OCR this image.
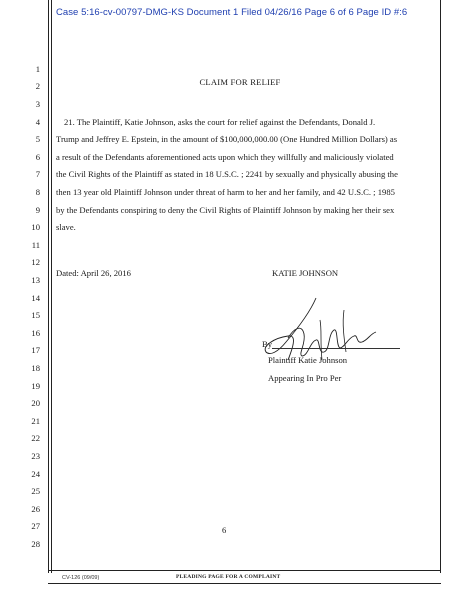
Case 5:16-cv-00797-DMG-KS Document 1 Filed 04/26/16 Page 6 of 6 Page ID #:6
1
2
3
4
5
6
7
8
9
10
11
12
13
14
15
16
17
18
19
20
21
22
23
24
25
26
27
28
CLAIM FOR RELIEF
21. The Plaintiff, Katie Johnson, asks the court for relief against the Defendants, Donald J.
Trump and Jeffrey E. Epstein, in the amount of $100,000,000.00 (One Hundred Million Dollars) as
a result of the Defendants aforementioned acts upon which they willfully and maliciously violated
the Civil Rights of the Plaintiff as stated in 18 U.S.C. ; 2241 by sexually and physically abusing the
then 13 year old Plaintiff Johnson under threat of harm to her and her family, and 42 U.S.C. ; 1985
by the Defendants conspiring to deny the Civil Rights of Plaintiff Johnson by making her their sex
slave.
Dated: April 26, 2016	KATIE JOHNSON
By
Plaintiff Katie Johnson
Appearing In Pro Per
6
CV-126 (09/09)	PLEADING PAGE FOR A COMPLAINT
